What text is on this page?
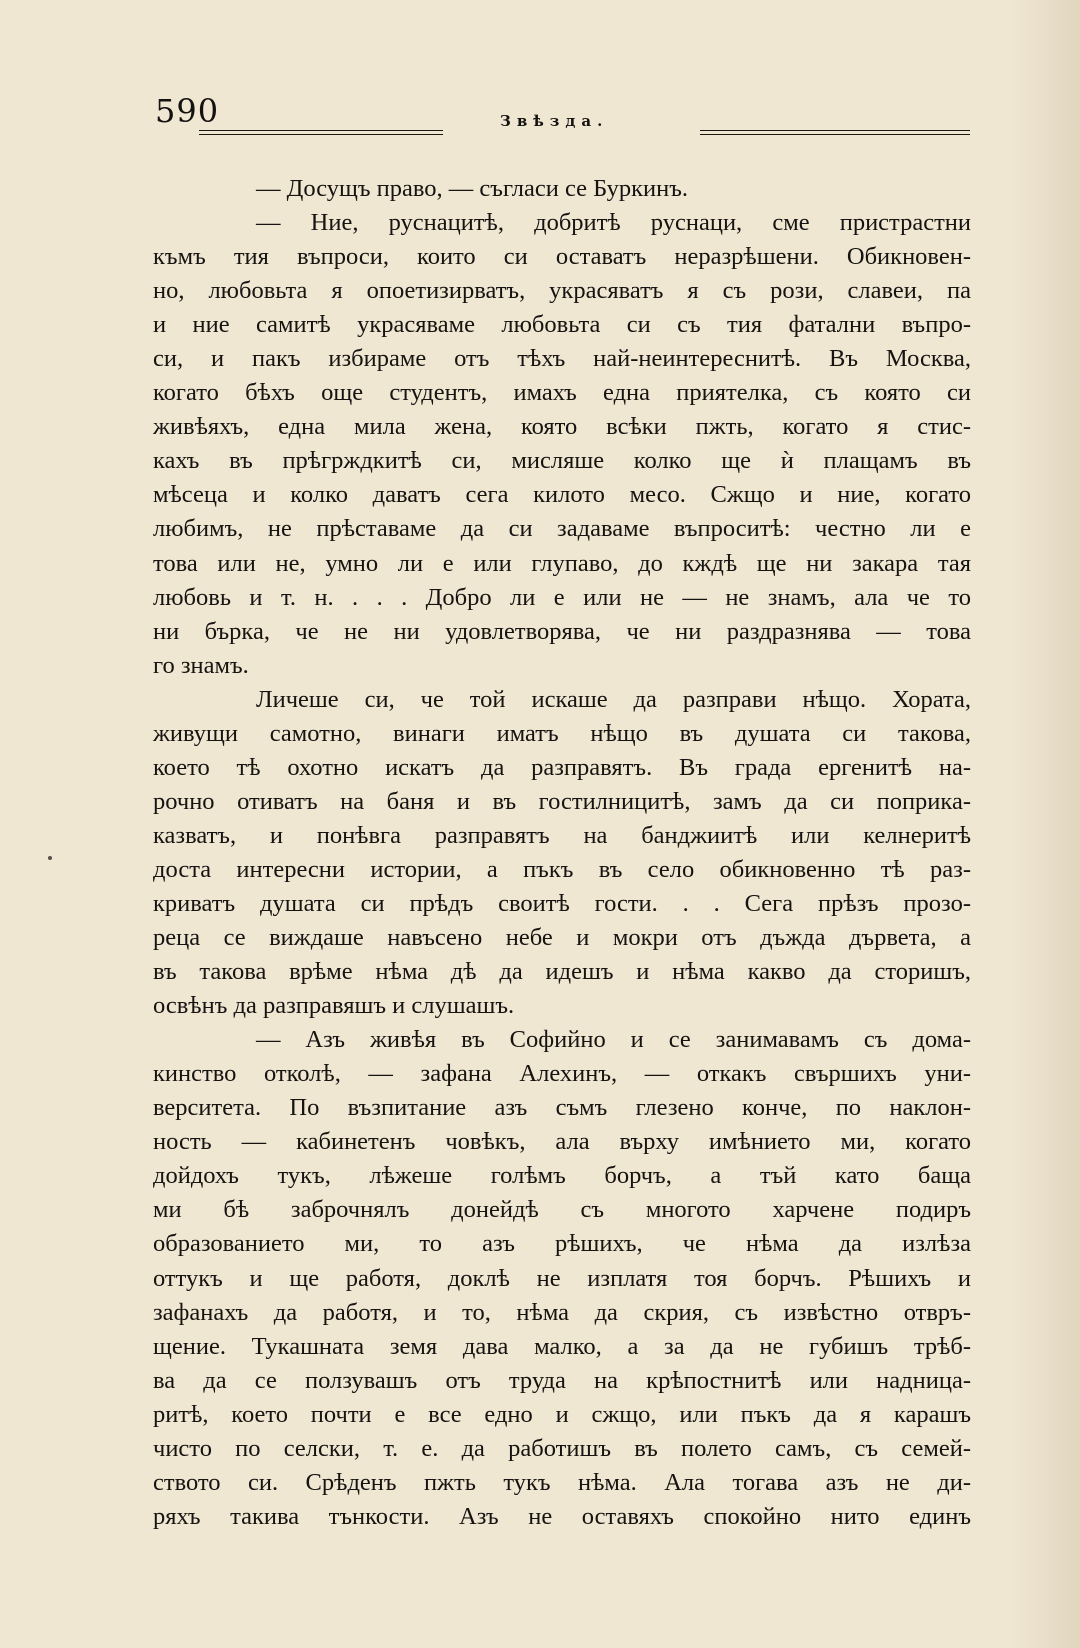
590	Звѣзда.
— Досущъ право, — съгласи се Буркинъ.
— Ние, руснацитѣ, добритѣ руснаци, сме пристрастни
къмъ тия въпроси, които си оставатъ неразрѣшени. Обикновен-
но, любовьта я опоетизирватъ, украсяватъ я съ рози, славеи, па
и ние самитѣ украсяваме любовьта си съ тия фатални въпро-
си, и пакъ избираме отъ тѣхъ най-неинтереснитѣ. Въ Москва,
когато бѣхъ още студентъ, имахъ една приятелка, съ която си
живѣяхъ, една мила жена, която всѣки пжть, когато я стис-
кахъ въ прѣгрждкитѣ си, мисляше колко ще ѝ плащамъ въ
мѣсеца и колко даватъ сега килото месо. Сжщо и ние, когато
любимъ, не прѣставаме да си задаваме въпроситѣ: честно ли е
това или не, умно ли е или глупаво, до кждѣ ще ни закара тая
любовь и т. н. . . . Добро ли е или не — не знамъ, ала че то
ни бърка, че не ни удовлетворява, че ни раздразнява — това
го знамъ.
Личеше си, че той искаше да разправи нѣщо. Хората,
живущи самотно, винаги иматъ нѣщо въ душата си такова,
което тѣ охотно искатъ да разправятъ. Въ града ергенитѣ на-
рочно отиватъ на баня и въ гостилницитѣ, замъ да си поприка-
казватъ, и понѣвга разправятъ на банджиитѣ или келнеритѣ
доста интересни истории, а пъкъ въ село обикновенно тѣ раз-
криватъ душата си прѣдъ своитѣ гости. . . Сега прѣзъ прозо-
реца се виждаше навъсено небе и мокри отъ дъжда дървета, а
въ такова врѣме нѣма дѣ да идешъ и нѣма какво да сторишъ,
освѣнъ да разправяшъ и слушашъ.
— Азъ живѣя въ Софийно и се занимавамъ съ дома-
кинство отколѣ, — зафана Алехинъ, — откакъ свършихъ уни-
верситета. По възпитание азъ съмъ глезено конче, по наклон-
ность — кабинетенъ човѣкъ, ала върху имѣнието ми, когато
дойдохъ тукъ, лѣжеше голѣмъ борчъ, а тъй като баща
ми бѣ заброчнялъ донейдѣ съ многото харчене подиръ
образованието ми, то азъ рѣшихъ, че нѣма да излѣза
оттукъ и ще работя, доклѣ не изплатя тоя борчъ. Рѣшихъ и
зафанахъ да работя, и то, нѣма да скрия, съ извѣстно отвръ-
щение. Тукашната земя дава малко, а за да не губишъ трѣб-
ва да се ползувашъ отъ труда на крѣпостнитѣ или надница-
ритѣ, което почти е все едно и сжщо, или пъкъ да я карашъ
чисто по селски, т. е. да работишъ въ полето самъ, съ семей-
ството си. Срѣденъ пжть тукъ нѣма. Ала тогава азъ не ди-
ряхъ такива тънкости. Азъ не оставяхъ спокойно нито единъ
